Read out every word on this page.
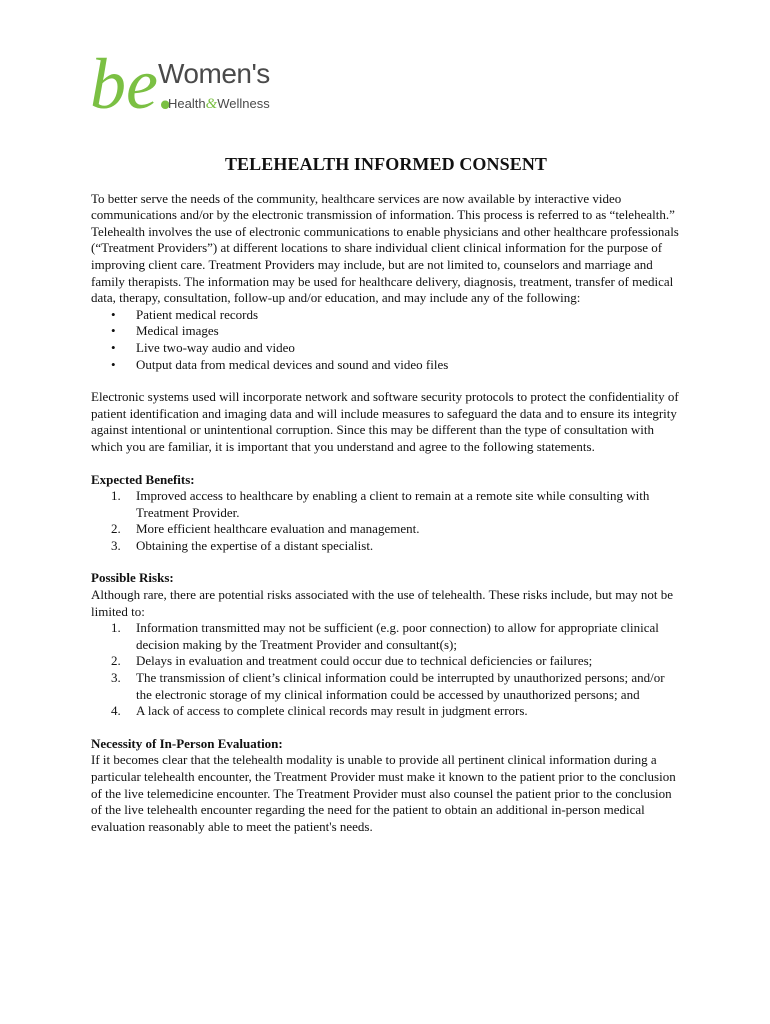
be.
Women's
Health&Wellness
TELEHEALTH INFORMED CONSENT

To better serve the needs of the community, healthcare services are now available by interactive video communications and/or by the electronic transmission of information. This process is referred to as “telehealth.” Telehealth involves the use of electronic communications to enable physicians and other healthcare professionals (“Treatment Providers”) at different locations to share individual client clinical information for the purpose of improving client care. Treatment Providers may include, but are not limited to, counselors and marriage and family therapists. The information may be used for healthcare delivery, diagnosis, treatment, transfer of medical data, therapy, consultation, follow-up and/or education, and may include any of the following:

• Patient medical records
• Medical images
• Live two-way audio and video
• Output data from medical devices and sound and video files

Electronic systems used will incorporate network and software security protocols to protect the confidentiality of patient identification and imaging data and will include measures to safeguard the data and to ensure its integrity against intentional or unintentional corruption. Since this may be different than the type of consultation with which you are familiar, it is important that you understand and agree to the following statements.

Expected Benefits:

1. Improved access to healthcare by enabling a client to remain at a remote site while consulting with Treatment Provider.
2. More efficient healthcare evaluation and management.
3. Obtaining the expertise of a distant specialist.

Possible Risks:

Although rare, there are potential risks associated with the use of telehealth. These risks include, but may not be limited to:

1. Information transmitted may not be sufficient (e.g. poor connection) to allow for appropriate clinical decision making by the Treatment Provider and consultant(s);
2. Delays in evaluation and treatment could occur due to technical deficiencies or failures;
3. The transmission of client’s clinical information could be interrupted by unauthorized persons; and/or the electronic storage of my clinical information could be accessed by unauthorized persons; and
4. A lack of access to complete clinical records may result in judgment errors.

Necessity of In-Person Evaluation:

If it becomes clear that the telehealth modality is unable to provide all pertinent clinical information during a particular telehealth encounter, the Treatment Provider must make it known to the patient prior to the conclusion of the live telemedicine encounter. The Treatment Provider must also counsel the patient prior to the conclusion of the live telehealth encounter regarding the need for the patient to obtain an additional in-person medical evaluation reasonably able to meet the patient's needs.
